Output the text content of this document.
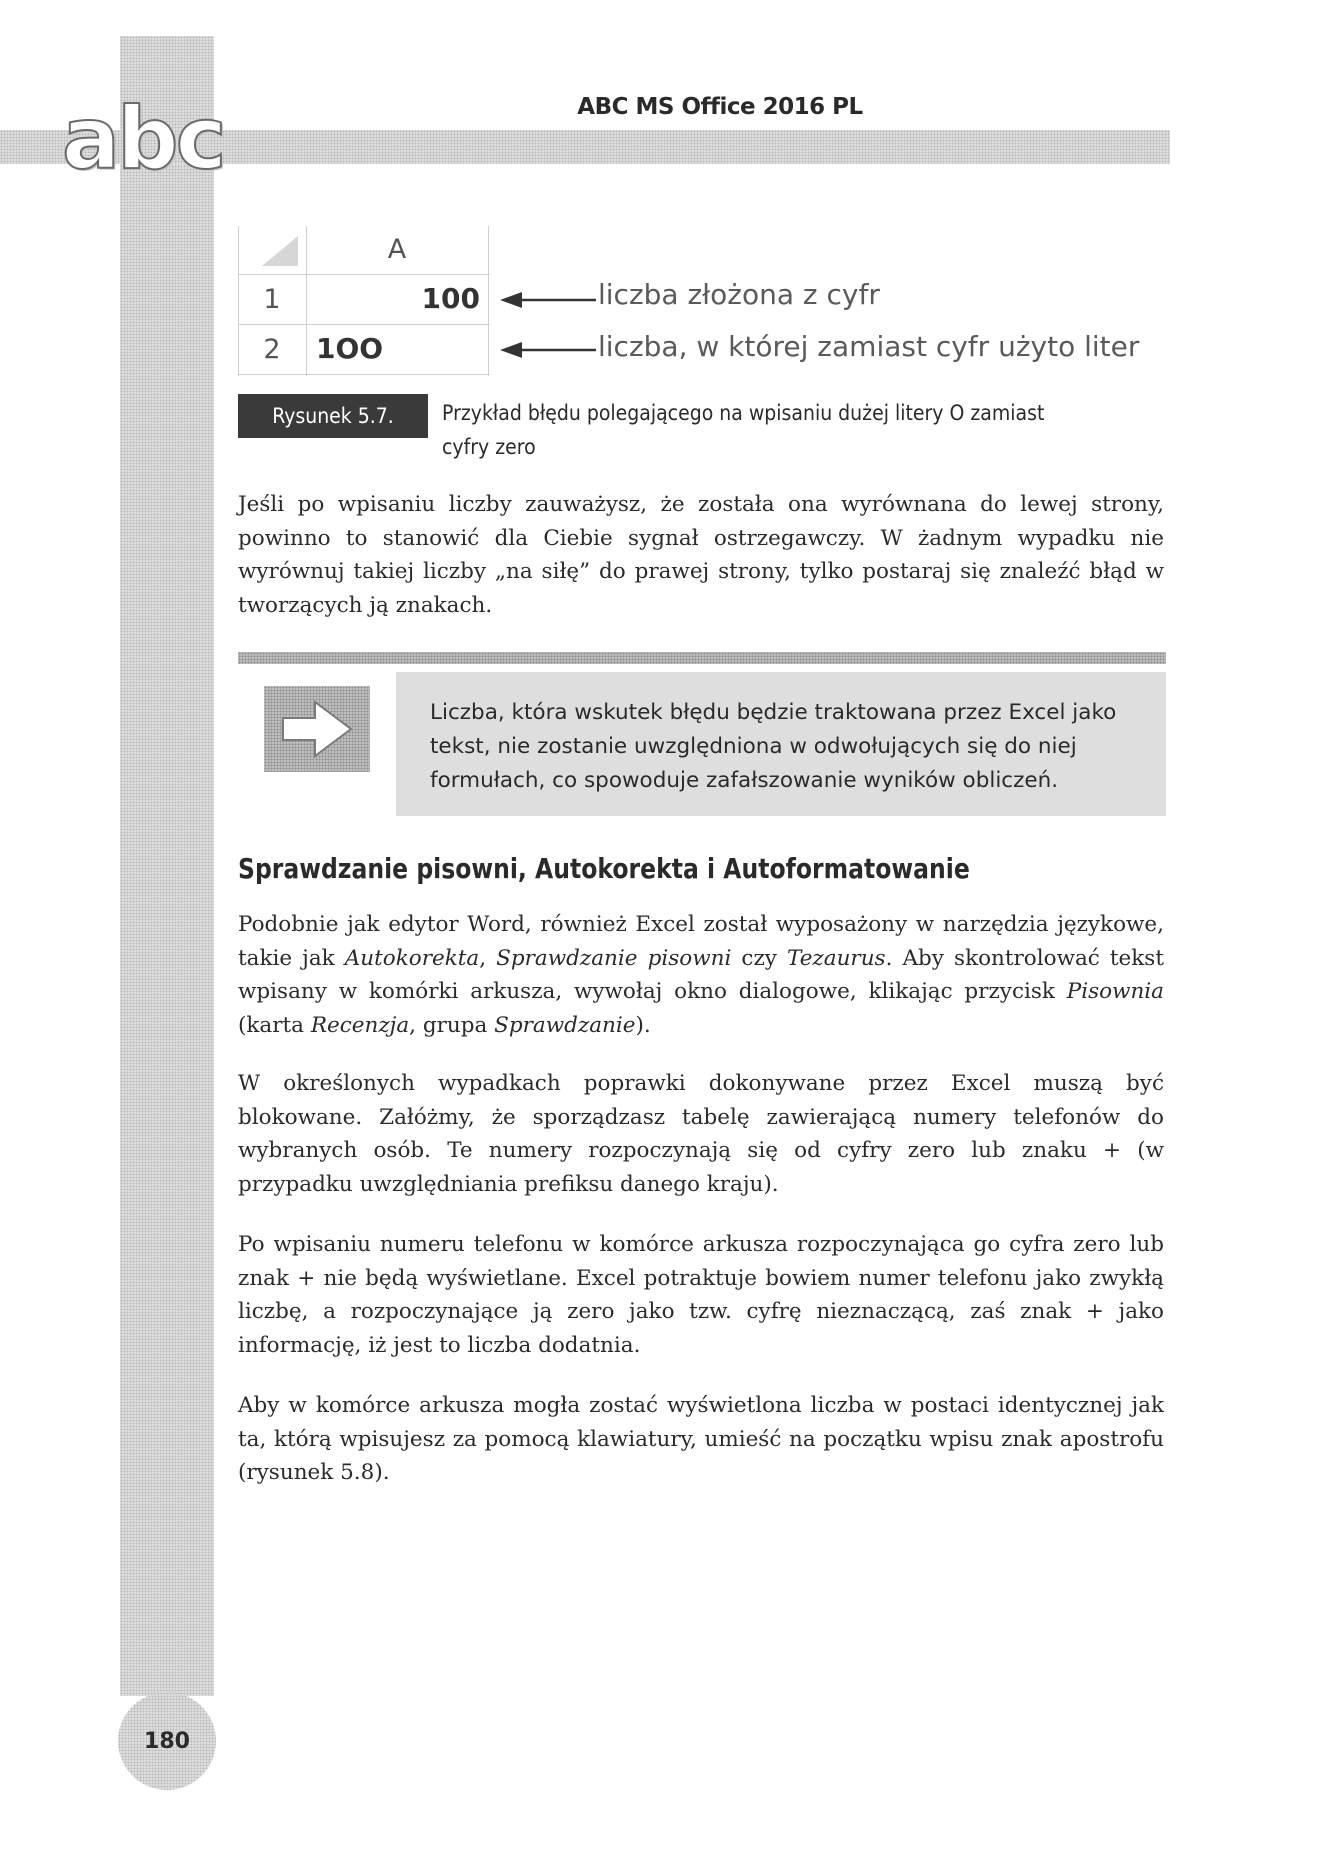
abc	ABC MS Office 2016 PL
180
A
1
2
100
1OO
liczba złożona z cyfr
liczba, w której zamiast cyfr użyto liter
Rysunek 5.7.	Przykład błędu polegającego na wpisaniu dużej litery O zamiast cyfry zero

Jeśli po wpisaniu liczby zauważysz, że została ona wyrównana do lewej strony, powinno to stanowić dla Ciebie sygnał ostrzegawczy. W żadnym wypadku nie wyrównuj takiej liczby „na siłę” do prawej strony, tylko postaraj się znaleźć błąd w tworzących ją znakach.

Liczba, która wskutek błędu będzie traktowana przez Excel jako tekst, nie zostanie uwzględniona w odwołujących się do niej formułach, co spowoduje zafałszowanie wyników obliczeń.
Sprawdzanie pisowni, Autokorekta i Autoformatowanie

Podobnie jak edytor Word, również Excel został wyposażony w narzędzia językowe, takie jak Autokorekta, Sprawdzanie pisowni czy Tezaurus. Aby skontrolować tekst wpisany w komórki arkusza, wywołaj okno dialogowe, klikając przycisk Pisownia (karta Recenzja, grupa Sprawdzanie).

W określonych wypadkach poprawki dokonywane przez Excel muszą być blokowane. Załóżmy, że sporządzasz tabelę zawierającą numery telefonów do wybranych osób. Te numery rozpoczynają się od cyfry zero lub znaku + (w przypadku uwzględniania prefiksu danego kraju).

Po wpisaniu numeru telefonu w komórce arkusza rozpoczynająca go cyfra zero lub znak + nie będą wyświetlane. Excel potraktuje bowiem numer telefonu jako zwykłą liczbę, a rozpoczynające ją zero jako tzw. cyfrę nieznaczącą, zaś znak + jako informację, iż jest to liczba dodatnia.

Aby w komórce arkusza mogła zostać wyświetlona liczba w postaci identycznej jak ta, którą wpisujesz za pomocą klawiatury, umieść na początku wpisu znak apostrofu (rysunek 5.8).
